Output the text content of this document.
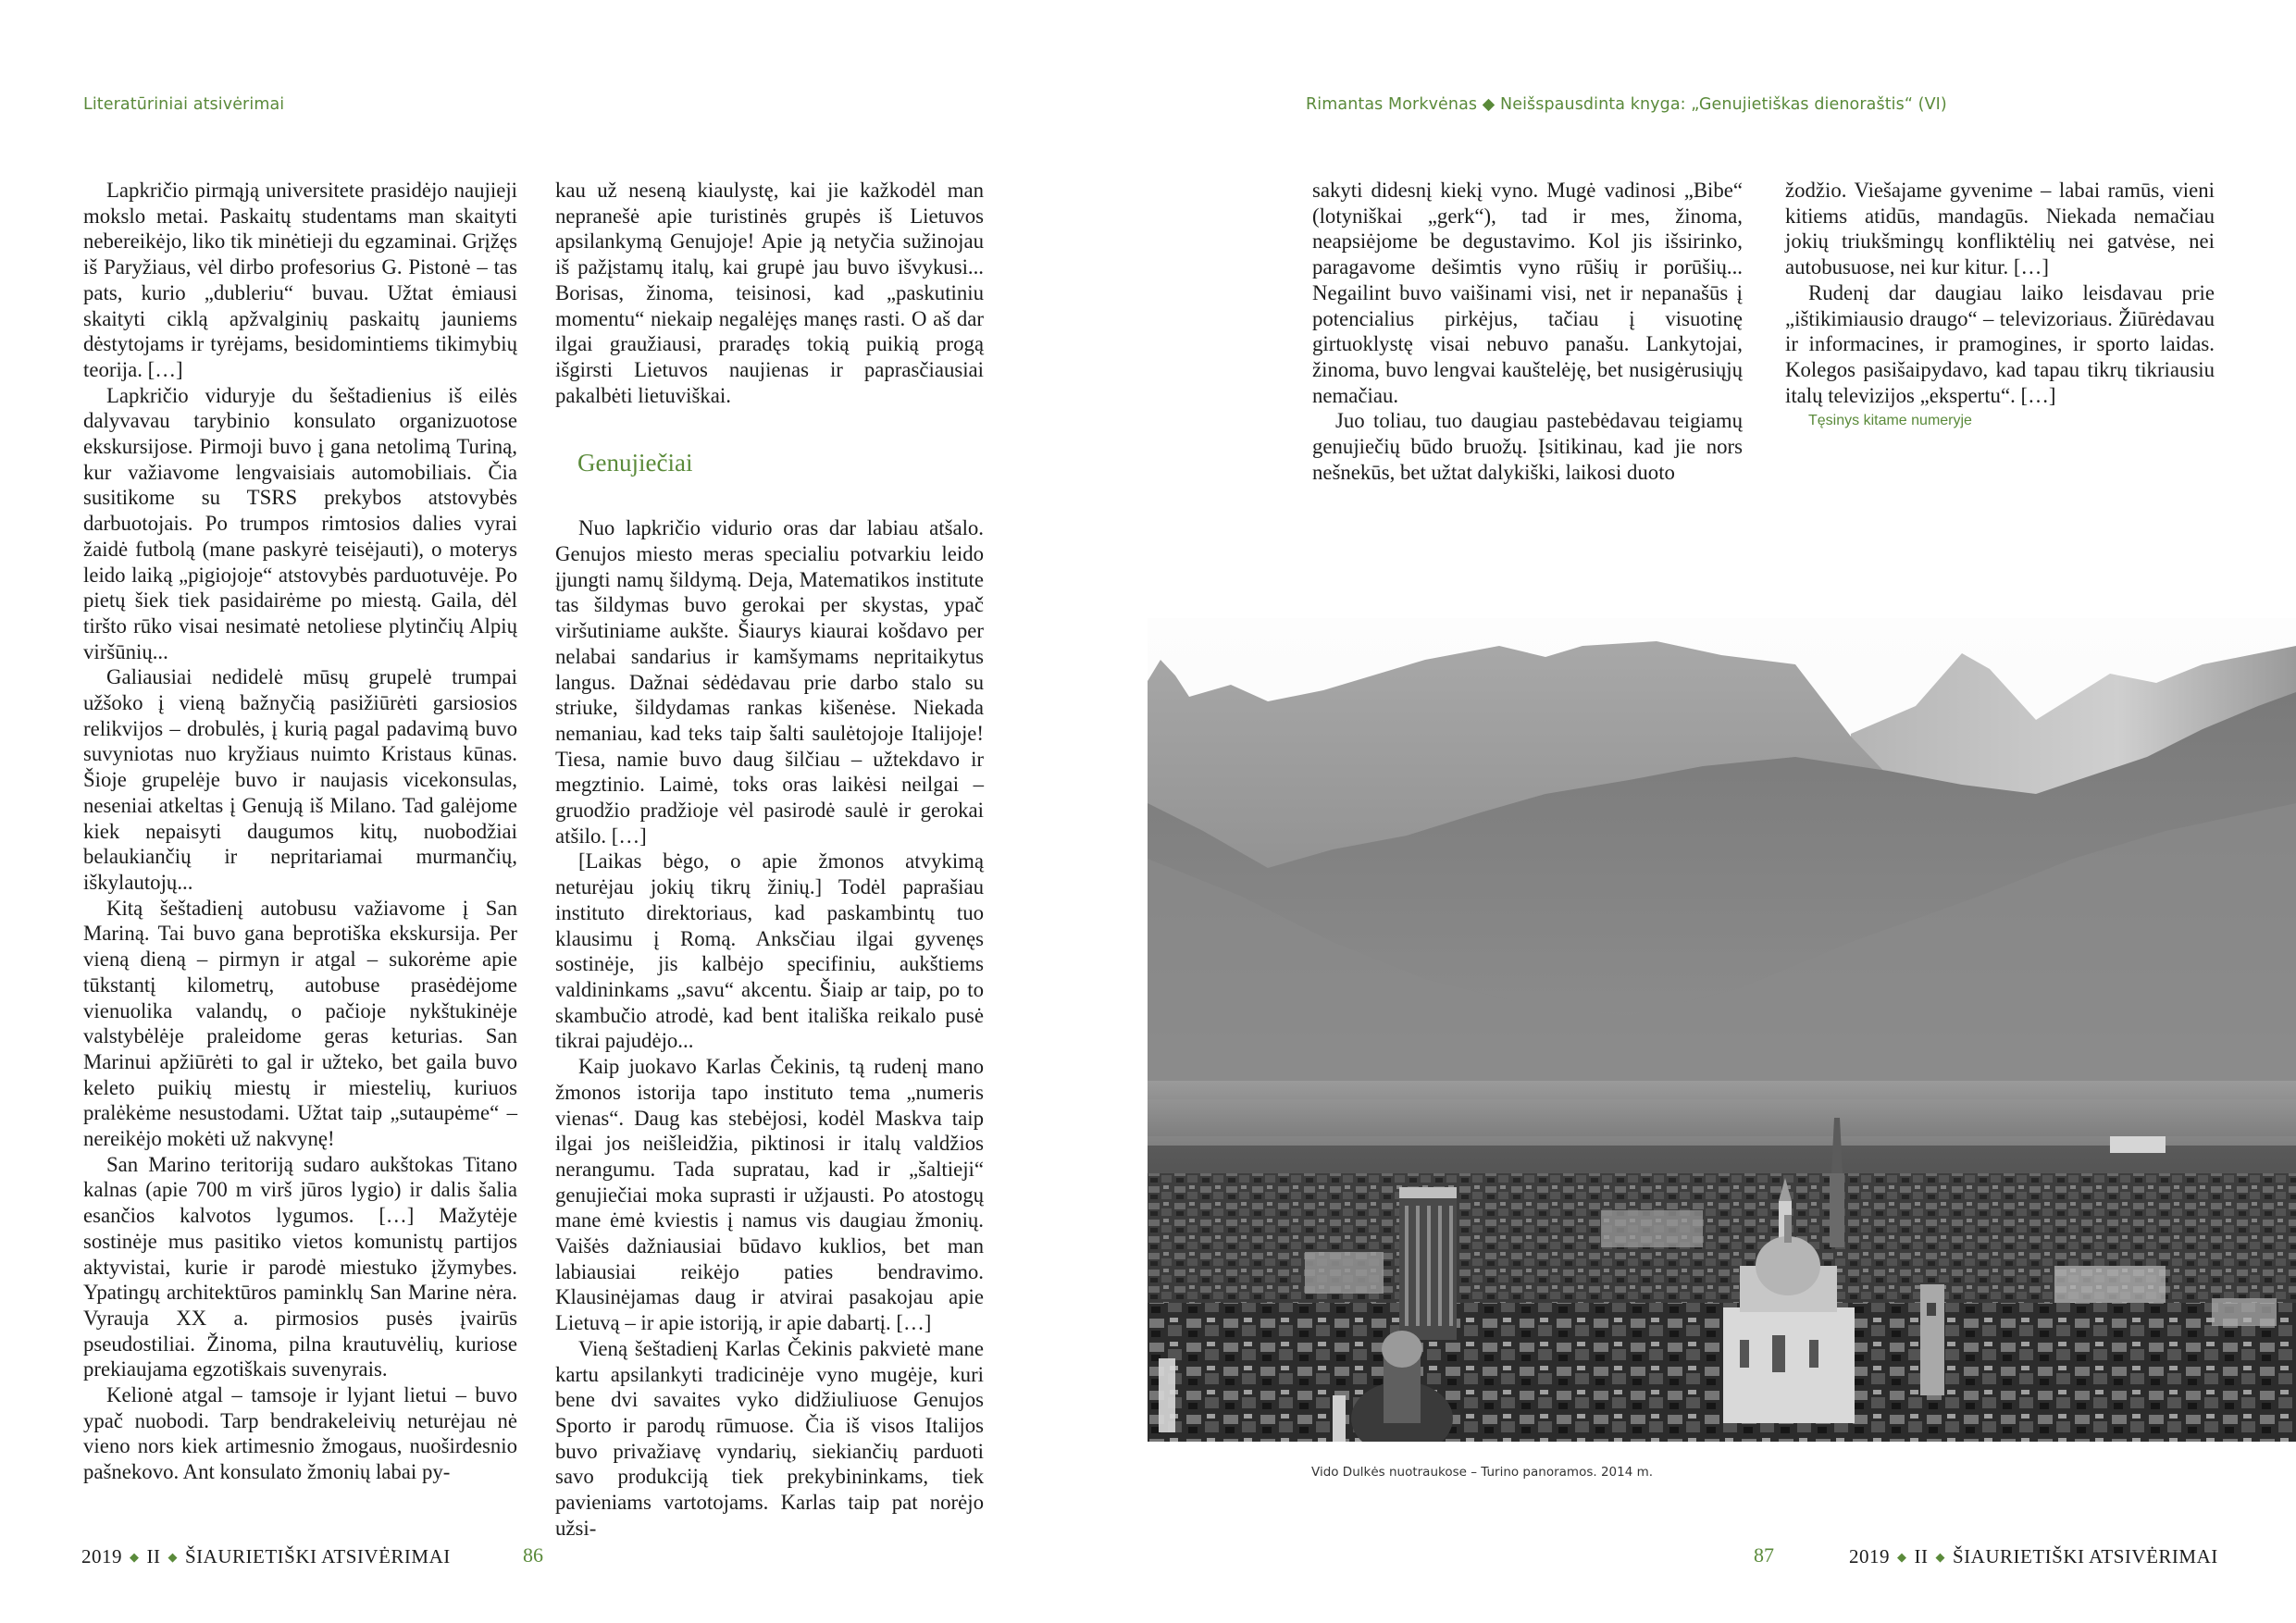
Literatūriniai atsivėrimai

Lapkričio pirmąją universitete prasidėjo naujieji mokslo metai. Paskaitų studentams man skaityti nebereikėjo, liko tik minėtieji du egzaminai. Grįžęs iš Paryžiaus, vėl dirbo profesorius G. Pistonė – tas pats, kurio „dubleriu“ buvau. Užtat ėmiausi skaityti ciklą apžvalginių paskaitų jauniems dėstytojams ir tyrėjams, besidomintiems tikimybių teorija. […]

Lapkričio viduryje du šeštadienius iš eilės dalyvavau tarybinio konsulato organizuotose ekskursijose. Pirmoji buvo į gana netolimą Turiną, kur važiavome lengvaisiais automobiliais. Čia susitikome su TSRS prekybos atstovybės darbuotojais. Po trumpos rimtosios dalies vyrai žaidė futbolą (mane paskyrė teisėjauti), o moterys leido laiką „pigiojoje“ atstovybės parduotuvėje. Po pietų šiek tiek pasidairėme po miestą. Gaila, dėl tiršto rūko visai nesimatė netoliese plytinčių Alpių viršūnių...

Galiausiai nedidelė mūsų grupelė trumpai užšoko į vieną bažnyčią pasižiūrėti garsiosios relikvijos – drobulės, į kurią pagal padavimą buvo suvyniotas nuo kryžiaus nuimto Kristaus kūnas. Šioje grupelėje buvo ir naujasis vicekonsulas, neseniai atkeltas į Genują iš Milano. Tad galėjome kiek nepaisyti daugumos kitų, nuobodžiai belaukiančių ir nepritariamai murmančių, iškylautojų...

Kitą šeštadienį autobusu važiavome į San Mariną. Tai buvo gana beprotiška ekskursija. Per vieną dieną – pirmyn ir atgal – sukorėme apie tūkstantį kilometrų, autobuse prasėdėjome vienuolika valandų, o pačioje nykštukinėje valstybėlėje praleidome geras keturias. San Marinui apžiūrėti to gal ir užteko, bet gaila buvo keleto puikių miestų ir miestelių, kuriuos pralėkėme nesustodami. Užtat taip „sutaupėme“ – nereikėjo mokėti už nakvynę!

San Marino teritoriją sudaro aukštokas Titano kalnas (apie 700 m virš jūros lygio) ir dalis šalia esančios kalvotos lygumos. […] Mažytėje sostinėje mus pasitiko vietos komunistų partijos aktyvistai, kurie ir parodė miestuko įžymybes. Ypatingų architektūros paminklų San Marine nėra. Vyrauja XX a. pirmosios pusės įvairūs pseudostiliai. Žinoma, pilna krautuvėlių, kuriose prekiaujama egzotiškais suvenyrais.

Kelionė atgal – tamsoje ir lyjant lietui – buvo ypač nuobodi. Tarp bendrakeleivių neturėjau nė vieno nors kiek artimesnio žmogaus, nuoširdesnio pašnekovo. Ant konsulato žmonių labai py-

kau už neseną kiaulystę, kai jie kažkodėl man nepranešė apie turistinės grupės iš Lietuvos apsilankymą Genujoje! Apie ją netyčia sužinojau iš pažįstamų italų, kai grupė jau buvo išvykusi... Borisas, žinoma, teisinosi, kad „paskutiniu momentu“ niekaip negalėjęs manęs rasti. O aš dar ilgai graužiausi, praradęs tokią puikią progą išgirsti Lietuvos naujienas ir paprasčiausiai pakalbėti lietuviškai.

Genujiečiai

Nuo lapkričio vidurio oras dar labiau atšalo. Genujos miesto meras specialiu potvarkiu leido įjungti namų šildymą. Deja, Matematikos institute tas šildymas buvo gerokai per skystas, ypač viršutiniame aukšte. Šiaurys kiaurai košdavo per nelabai sandarius ir kamšymams nepritaikytus langus. Dažnai sėdėdavau prie darbo stalo su striuke, šildydamas rankas kišenėse. Niekada nemaniau, kad teks taip šalti saulėtojoje Italijoje! Tiesa, namie buvo daug šilčiau – užtekdavo ir megztinio. Laimė, toks oras laikėsi neilgai – gruodžio pradžioje vėl pasirodė saulė ir gerokai atšilo. […]

[Laikas bėgo, o apie žmonos atvykimą neturėjau jokių tikrų žinių.] Todėl paprašiau instituto direktoriaus, kad paskambintų tuo klausimu į Romą. Anksčiau ilgai gyvenęs sostinėje, jis kalbėjo specifiniu, aukštiems valdininkams „savu“ akcentu. Šiaip ar taip, po to skambučio atrodė, kad bent itališka reikalo pusė tikrai pajudėjo...

Kaip juokavo Karlas Čekinis, tą rudenį mano žmonos istorija tapo instituto tema „numeris vienas“. Daug kas stebėjosi, kodėl Maskva taip ilgai jos neišleidžia, piktinosi ir italų valdžios nerangumu. Tada supratau, kad ir „šaltieji“ genujiečiai moka suprasti ir užjausti. Po atostogų mane ėmė kviestis į namus vis daugiau žmonių. Vaišės dažniausiai būdavo kuklios, bet man labiausiai reikėjo paties bendravimo. Klausinėjamas daug ir atvirai pasakojau apie Lietuvą – ir apie istoriją, ir apie dabartį. […]

Vieną šeštadienį Karlas Čekinis pakvietė mane kartu apsilankyti tradicinėje vyno mugėje, kuri bene dvi savaites vyko didžiuliuose Genujos Sporto ir parodų rūmuose. Čia iš visos Italijos buvo privažiavę vyndarių, siekiančių parduoti savo produkciją tiek prekybininkams, tiek pavieniams vartotojams. Karlas taip pat norėjo užsi-

2019 ◆ II ◆ ŠIAURIETIŠKI ATSIVĖRIMAI	86
Rimantas Morkvėnas ◆ Neišspausdinta knyga: „Genujietiškas dienoraštis“ (VI)

sakyti didesnį kiekį vyno. Mugė vadinosi „Bibe“ (lotyniškai „gerk“), tad ir mes, žinoma, neapsiėjome be degustavimo. Kol jis išsirinko, paragavome dešimtis vyno rūšių ir porūšių... Negailint buvo vaišinami visi, net ir nepanašūs į potencialius pirkėjus, tačiau į visuotinę girtuoklystę visai nebuvo panašu. Lankytojai, žinoma, buvo lengvai kauštelėję, bet nusigėrusiųjų nemačiau.

Juo toliau, tuo daugiau pastebėdavau teigiamų genujiečių būdo bruožų. Įsitikinau, kad jie nors nešnekūs, bet užtat dalykiški, laikosi duoto

žodžio. Viešajame gyvenime – labai ramūs, vieni kitiems atidūs, mandagūs. Niekada nemačiau jokių triukšmingų konfliktėlių nei gatvėse, nei autobusuose, nei kur kitur. […]

Rudenį dar daugiau laiko leisdavau prie „ištikimiausio draugo“ – televizoriaus. Žiūrėdavau ir informacines, ir pramogines, ir sporto laidas. Kolegos pasišaipydavo, kad tapau tikrų tikriausiu italų televizijos „ekspertu“. […]

Tęsinys kitame numeryje

87	2019 ◆ II ◆ ŠIAURIETIŠKI ATSIVĖRIMAI
Vido Dulkės nuotraukose – Turino panoramos. 2014 m.
